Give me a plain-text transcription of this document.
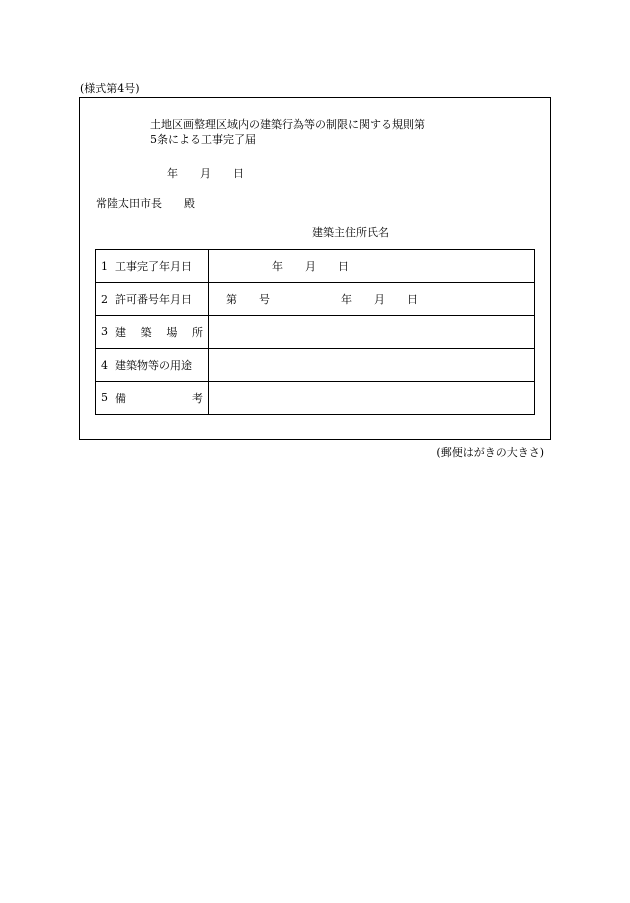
(様式第4号)
土地区画整理区域内の建築行為等の制限に関する規則第
5条による工事完了届
年　　月　　日
常陸太田市長　　殿
建築主住所氏名
1 工事完了年月日	年　　月　　日
2 許可番号年月日	第　　号 年　　月　　日
3 建築場所	
4 建築物等の用途	
5 備考	
(郵便はがきの大きさ)
